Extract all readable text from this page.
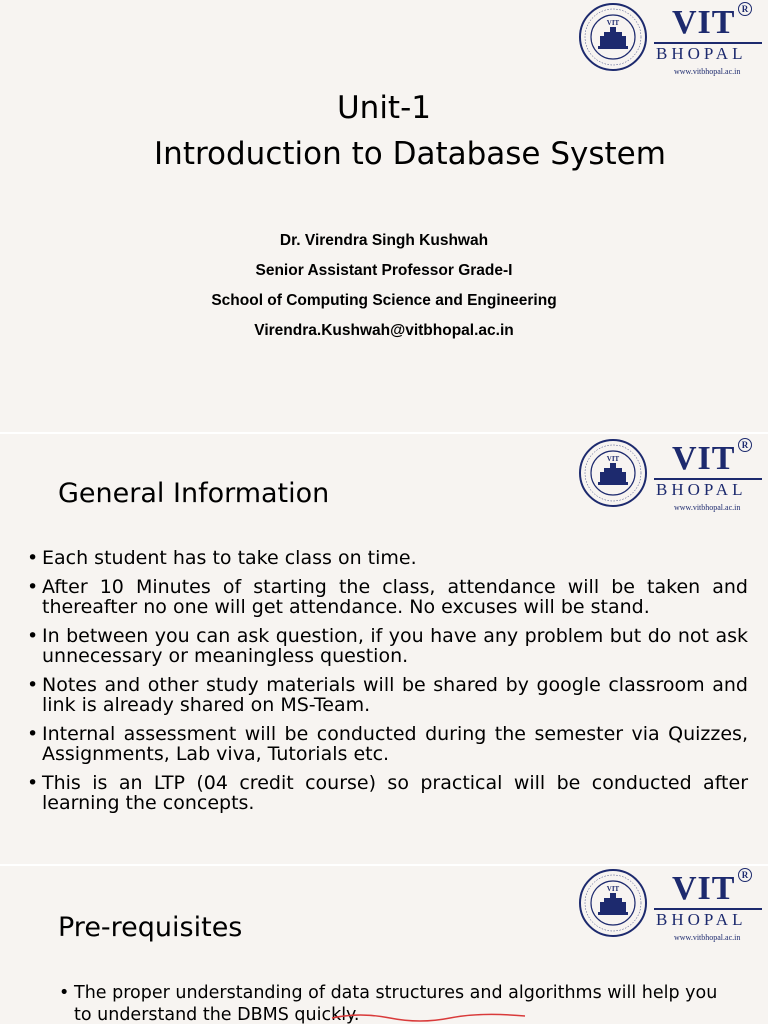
VIT VIT R
BHOPAL
www.vitbhopal.ac.in
Unit-1
Introduction to Database System
Dr. Virendra Singh Kushwah
Senior Assistant Professor Grade-I
School of Computing Science and Engineering
Virendra.Kushwah@vitbhopal.ac.in
VIT VIT R
BHOPAL
www.vitbhopal.ac.in
General Information
• Each student has to take class on time.
• After 10 Minutes of starting the class, attendance will be taken and thereafter no one will get attendance. No excuses will be stand.
• In between you can ask question, if you have any problem but do not ask unnecessary or meaningless question.
• Notes and other study materials will be shared by google classroom and link is already shared on MS-Team.
• Internal assessment will be conducted during the semester via Quizzes, Assignments, Lab viva, Tutorials etc.
• This is an LTP (04 credit course) so practical will be conducted after learning the concepts.
VIT VIT R
BHOPAL
www.vitbhopal.ac.in
Pre-requisites
• The proper understanding of data structures and algorithms will help you to understand the DBMS quickly.
